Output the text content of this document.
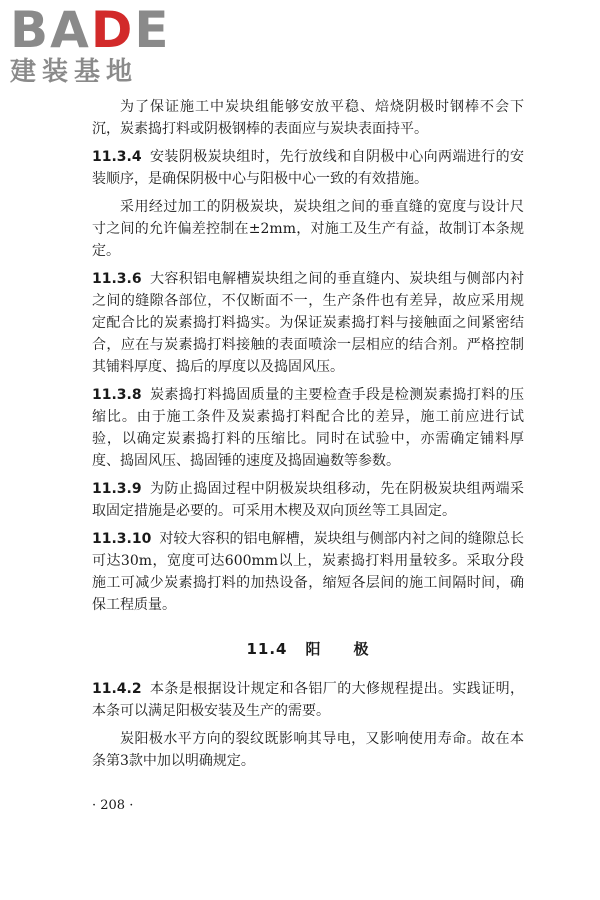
BADE
建装基地

为了保证施工中炭块组能够安放平稳、焙烧阴极时钢棒不会下沉，炭素捣打料或阴极钢棒的表面应与炭块表面持平。

11.3.4 安装阴极炭块组时，先行放线和自阴极中心向两端进行的安装顺序，是确保阴极中心与阳极中心一致的有效措施。

采用经过加工的阴极炭块，炭块组之间的垂直缝的宽度与设计尺寸之间的允许偏差控制在±2mm，对施工及生产有益，故制订本条规定。

11.3.6 大容积铝电解槽炭块组之间的垂直缝内、炭块组与侧部内衬之间的缝隙各部位，不仅断面不一，生产条件也有差异，故应采用规定配合比的炭素捣打料捣实。为保证炭素捣打料与接触面之间紧密结合，应在与炭素捣打料接触的表面喷涂一层相应的结合剂。严格控制其铺料厚度、捣后的厚度以及捣固风压。

11.3.8 炭素捣打料捣固质量的主要检查手段是检测炭素捣打料的压缩比。由于施工条件及炭素捣打料配合比的差异，施工前应进行试验，以确定炭素捣打料的压缩比。同时在试验中，亦需确定铺料厚度、捣固风压、捣固锤的速度及捣固遍数等参数。

11.3.9 为防止捣固过程中阴极炭块组移动，先在阴极炭块组两端采取固定措施是必要的。可采用木楔及双向顶丝等工具固定。

11.3.10 对较大容积的铝电解槽，炭块组与侧部内衬之间的缝隙总长可达30m，宽度可达600mm以上，炭素捣打料用量较多。采取分段施工可减少炭素捣打料的加热设备，缩短各层间的施工间隔时间，确保工程质量。

11.4 阳　　极

11.4.2 本条是根据设计规定和各铝厂的大修规程提出。实践证明，本条可以满足阳极安装及生产的需要。

炭阳极水平方向的裂纹既影响其导电，又影响使用寿命。故在本条第3款中加以明确规定。

· 208 ·
